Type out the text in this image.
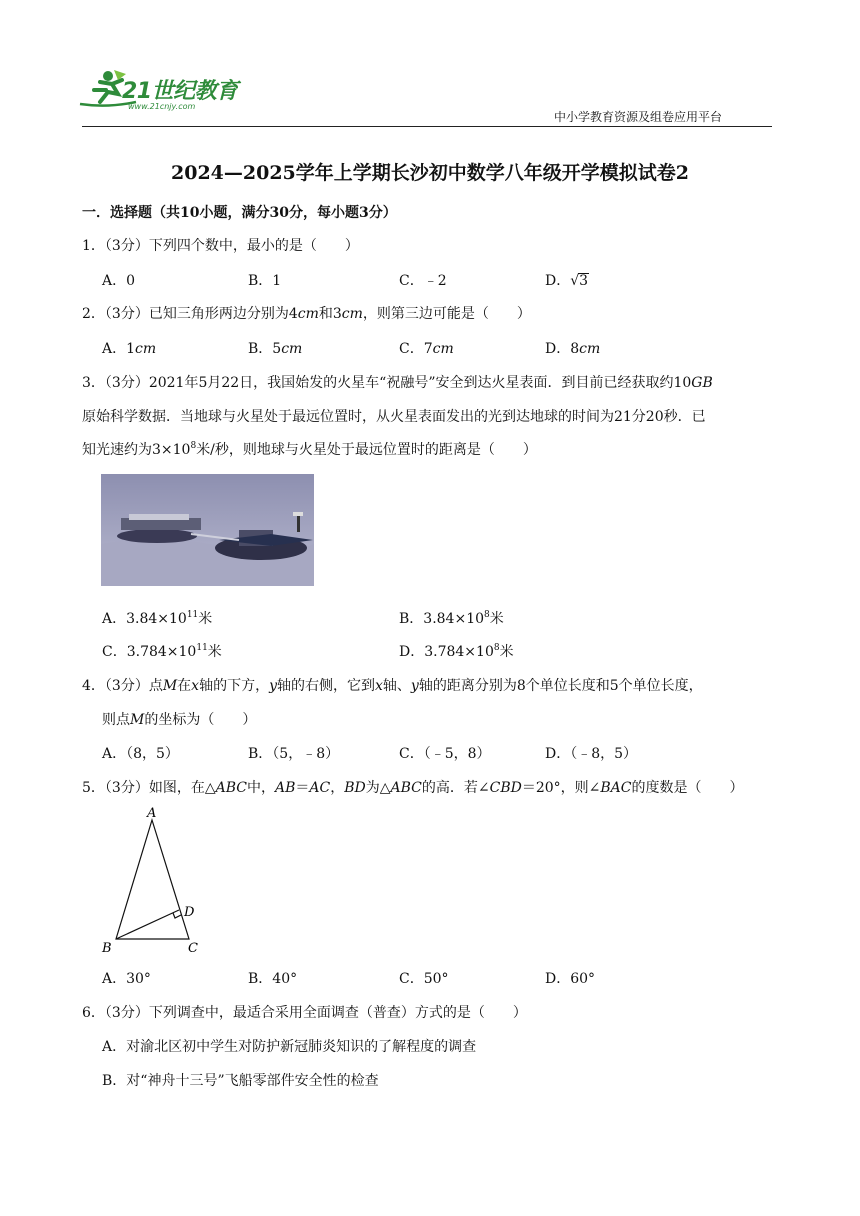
21世纪教育
www.21cnjy.com
中小学教育资源及组卷应用平台
2024—2025学年上学期长沙初中数学八年级开学模拟试卷2
一．选择题（共10小题，满分30分，每小题3分）
1．（3分）下列四个数中，最小的是（　　）
A．0	B．1	C．﹣2	D．√3
2．（3分）已知三角形两边分别为4cm和3cm，则第三边可能是（　　）
A．1cm	B．5cm	C．7cm	D．8cm
3．（3分）2021年5月22日，我国始发的火星车“祝融号”安全到达火星表面．到目前已经获取约10GB
原始科学数据．当地球与火星处于最远位置时，从火星表面发出的光到达地球的时间为21分20秒．已
知光速约为$3\times 10^8$米/秒，则地球与火星处于最远位置时的距离是（　　）
A．$3.84\times 10^{11}$米	B．$3.84\times 10^8$米
C．$3.784\times 10^{11}$米	D．$3.784\times 10^8$米
4．（3分）点M在x轴的下方，y轴的右侧，它到x轴、y轴的距离分别为8个单位长度和5个单位长度，
则点M的坐标为（　　）
A．（8，5）	B．（5，﹣8）	C．（﹣5，8）	D．（﹣8，5）
5．（3分）如图，在△ABC中，AB＝AC，BD为△ABC的高．若∠CBD＝20°，则∠BAC的度数是（　　）
A
B	C
D
A．30°	B．40°	C．50°	D．60°
6．（3分）下列调查中，最适合采用全面调查（普查）方式的是（　　）
A．对渝北区初中学生对防护新冠肺炎知识的了解程度的调查
B．对“神舟十三号”飞船零部件安全性的检查
